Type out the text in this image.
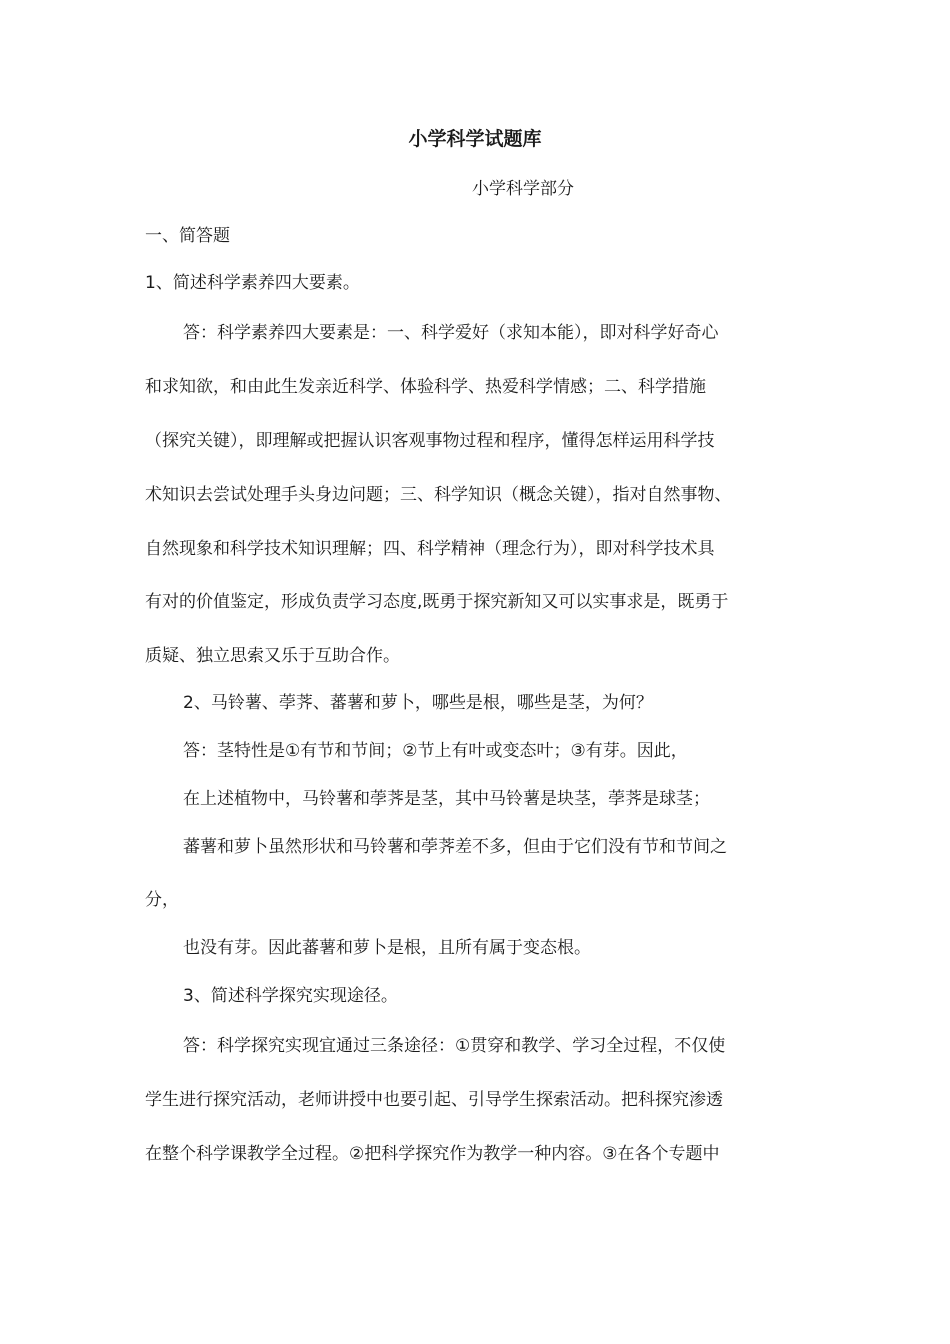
小学科学试题库

小学科学部分

一、简答题

1、简述科学素养四大要素。

答：科学素养四大要素是：一、科学爱好（求知本能），即对科学好奇心

和求知欲，和由此生发亲近科学、体验科学、热爱科学情感；二、科学措施

（探究关键），即理解或把握认识客观事物过程和程序，懂得怎样运用科学技

术知识去尝试处理手头身边问题；三、科学知识（概念关键），指对自然事物、

自然现象和科学技术知识理解；四、科学精神（理念行为），即对科学技术具

有对的价值鉴定，形成负责学习态度,既勇于探究新知又可以实事求是，既勇于

质疑、独立思索又乐于互助合作。

2、马铃薯、荸荠、蕃薯和萝卜，哪些是根，哪些是茎，为何？

答：茎特性是①有节和节间；②节上有叶或变态叶；③有芽。因此，

在上述植物中，马铃薯和荸荠是茎，其中马铃薯是块茎，荸荠是球茎；

蕃薯和萝卜虽然形状和马铃薯和荸荠差不多，但由于它们没有节和节间之

分，

也没有芽。因此蕃薯和萝卜是根，且所有属于变态根。

3、简述科学探究实现途径。

答：科学探究实现宜通过三条途径：①贯穿和教学、学习全过程，不仅使

学生进行探究活动，老师讲授中也要引起、引导学生探索活动。把科探究渗透

在整个科学课教学全过程。②把科学探究作为教学一种内容。③在各个专题中
